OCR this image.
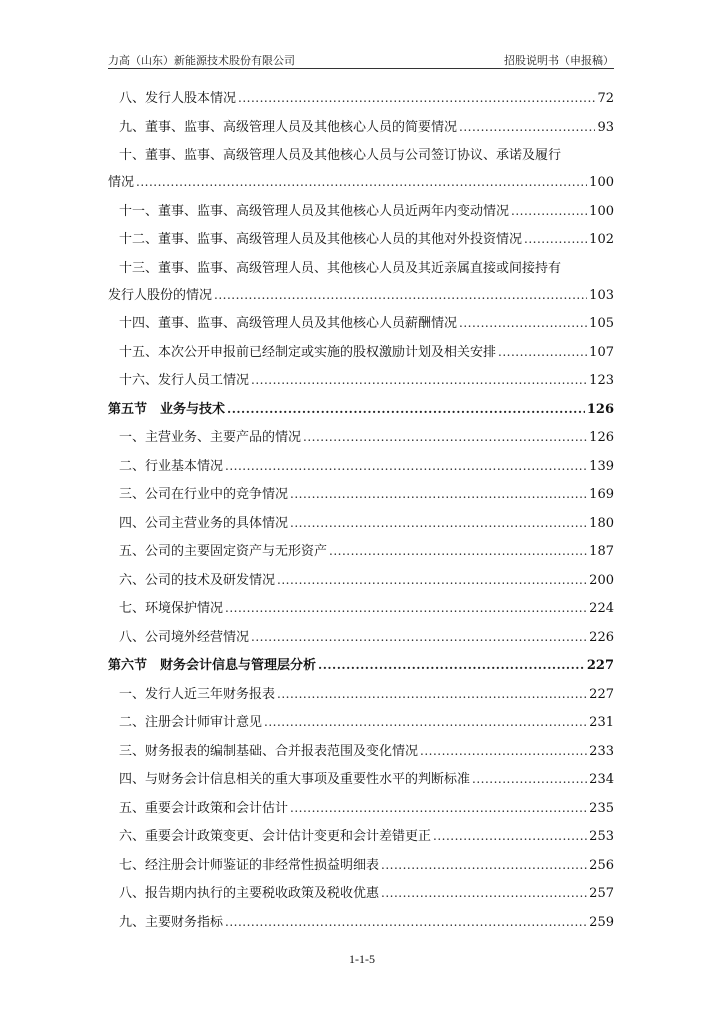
力高（山东）新能源技术股份有限公司	招股说明书（申报稿）
八、发行人股本情况 .....	72
九、董事、监事、高级管理人员及其他核心人员的简要情况 .....	93
十、董事、监事、高级管理人员及其他核心人员与公司签订协议、承诺及履行
情况 .....	100
十一、董事、监事、高级管理人员及其他核心人员近两年内变动情况 .....	100
十二、董事、监事、高级管理人员及其他核心人员的其他对外投资情况 .....	102
十三、董事、监事、高级管理人员、其他核心人员及其近亲属直接或间接持有
发行人股份的情况 .....	103
十四、董事、监事、高级管理人员及其他核心人员薪酬情况 .....	105
十五、本次公开申报前已经制定或实施的股权激励计划及相关安排 .....	107
十六、发行人员工情况 .....	123
第五节　业务与技术 .....	126
一、主营业务、主要产品的情况 .....	126
二、行业基本情况 .....	139
三、公司在行业中的竞争情况 .....	169
四、公司主营业务的具体情况 .....	180
五、公司的主要固定资产与无形资产 .....	187
六、公司的技术及研发情况 .....	200
七、环境保护情况 .....	224
八、公司境外经营情况 .....	226
第六节　财务会计信息与管理层分析 .....	227
一、发行人近三年财务报表 .....	227
二、注册会计师审计意见 .....	231
三、财务报表的编制基础、合并报表范围及变化情况 .....	233
四、与财务会计信息相关的重大事项及重要性水平的判断标准 .....	234
五、重要会计政策和会计估计 .....	235
六、重要会计政策变更、会计估计变更和会计差错更正 .....	253
七、经注册会计师鉴证的非经常性损益明细表 .....	256
八、报告期内执行的主要税收政策及税收优惠 .....	257
九、主要财务指标 .....	259
1-1-5
